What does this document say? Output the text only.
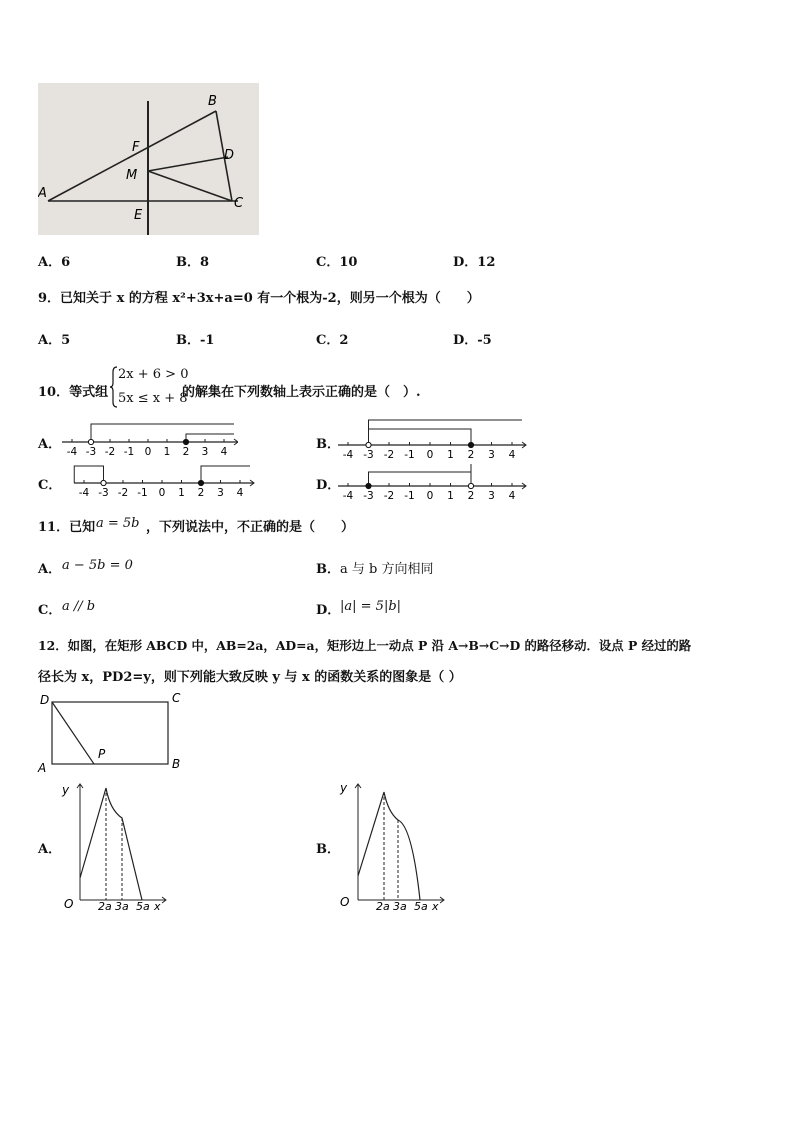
B
F
D
M
A
E
C
A．6	B．8	C．10	D．12
9．已知关于 x 的方程 x²+3x+a=0 有一个根为-2，则另一个根为（　　）
A．5	B．-1	C．2	D．-5
10．等式组
2x + 6 > 0
5x ≤ x + 8
的解集在下列数轴上表示正确的是（　）.
A． -4 -3 -2 -1 0 1 2 3 4	B．
-4 -3 -2 -1 0 1 2 3 4
C． -4 -3 -2 -1 0 1 2 3 4	D．
-4 -3 -2 -1 0 1 2 3 4
11．已知 a = 5b ，下列说法中，不正确的是（　　）
A． a − 5b = 0	B． a 与 b 方向相同
C． a // b	D． |a| = 5|b|
12．如图，在矩形 ABCD 中，AB=2a，AD=a，矩形边上一动点 P 沿 A→B→C→D 的路径移动．设点 P 经过的路
径长为 x，PD2=y，则下列能大致反映 y 与 x 的函数关系的图象是（ ）
D	C
A	B
P
A．
y
O 2a 3a 5a x
B．
y
O 2a 3a 5a x
